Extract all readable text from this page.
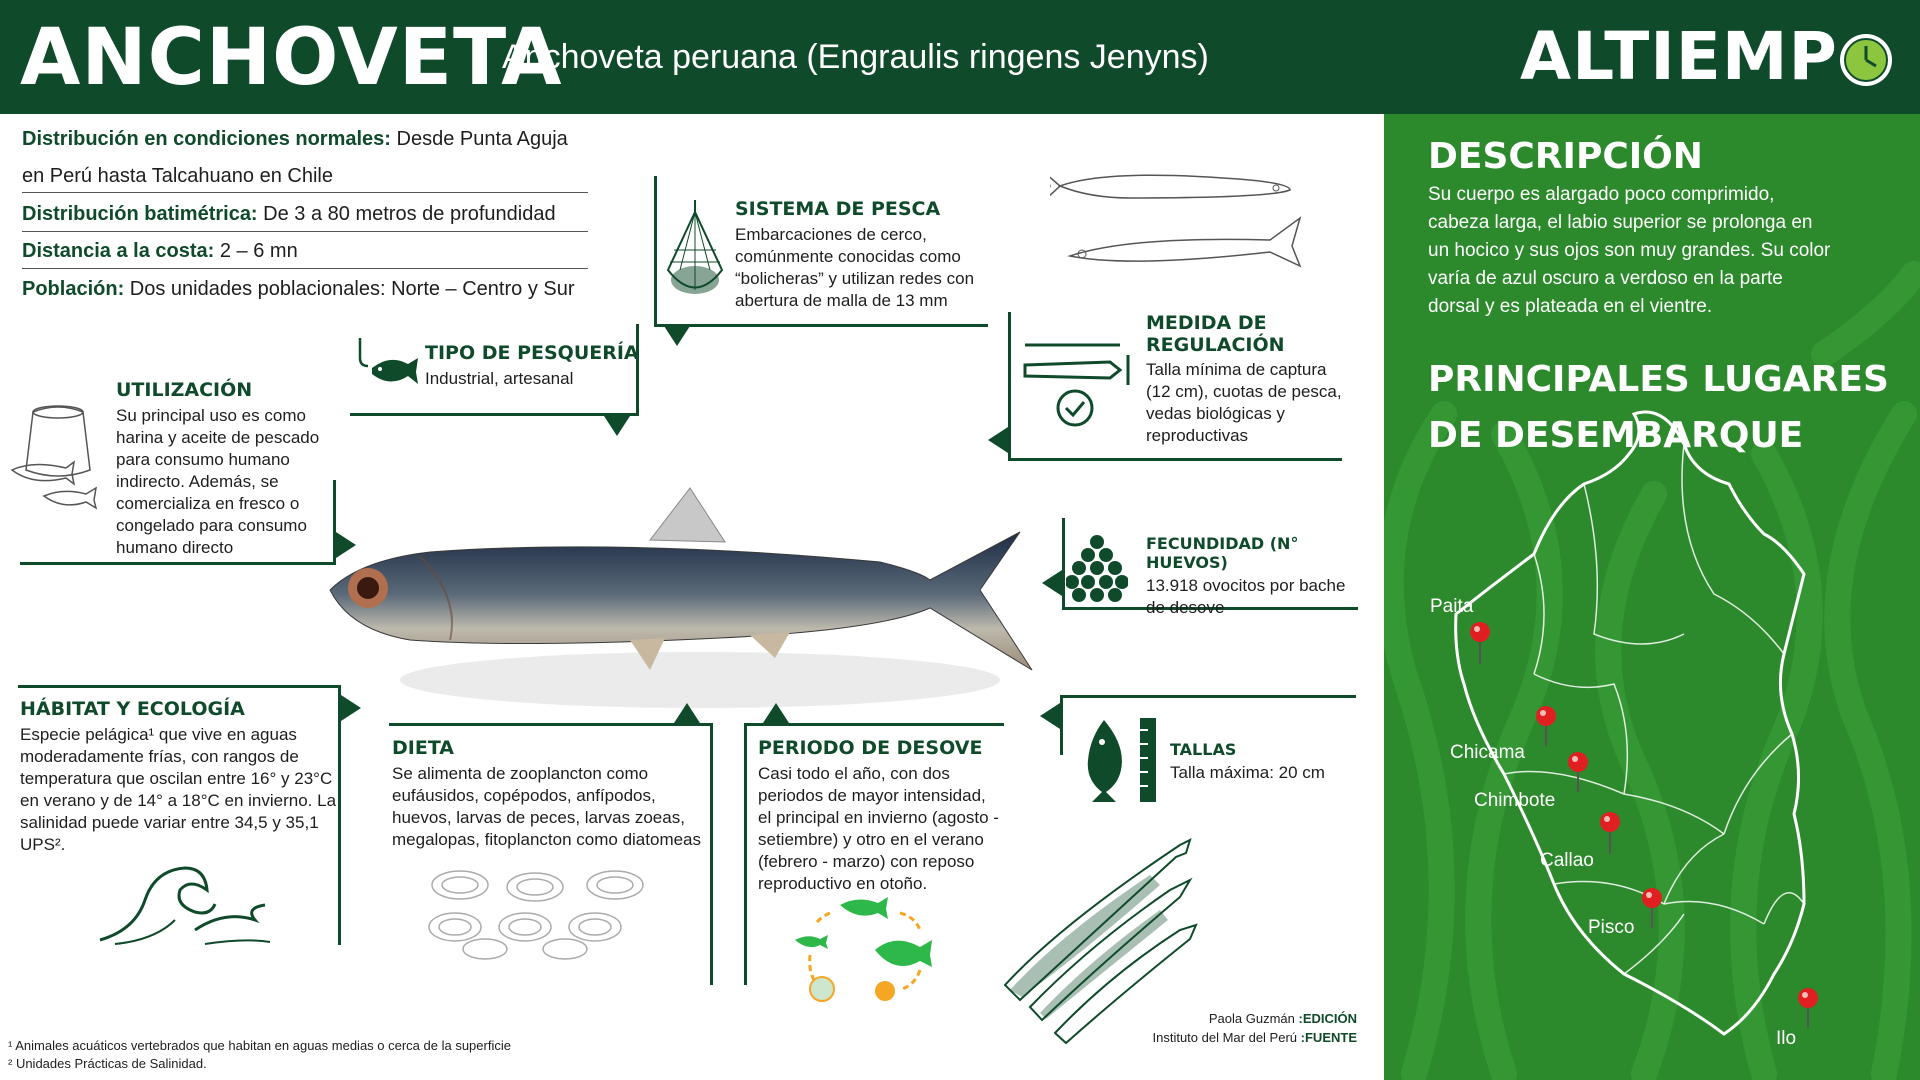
ANCHOVETA
Anchoveta peruana (Engraulis ringens Jenyns)	ALTIEMP
Distribución en condiciones normales: Desde Punta Aguja
en Perú hasta Talcahuano en Chile
Distribución batimétrica: De 3 a 80 metros de profundidad
Distancia a la costa: 2 – 6 mn
Población: Dos unidades poblacionales: Norte – Centro y Sur

SISTEMA DE PESCA

Embarcaciones de cerco,

comúnmente conocidas como

“bolicheras” y utilizan redes con

abertura de malla de 13 mm

MEDIDA DE

REGULACIÓN

Talla mínima de captura

(12 cm), cuotas de pesca,

vedas biológicas y

reproductivas

TIPO DE PESQUERÍA

Industrial, artesanal

UTILIZACIÓN

Su principal uso es como

harina y aceite de pescado

para consumo humano

indirecto. Además, se

comercializa en fresco o

congelado para consumo

humano directo	FECUNDIDAD (N° HUEVOS)

13.918 ovocitos por bache

de desove

HÁBITAT Y ECOLOGÍA

Especie pelágica¹ que vive en aguas

moderadamente frías, con rangos de

temperatura que oscilan entre 16° y 23°C

en verano y de 14° a 18°C en invierno. La

salinidad puede variar entre 34,5 y 35,1

UPS².

DIETA

Se alimenta de zooplancton como

eufáusidos, copépodos, anfípodos,

huevos, larvas de peces, larvas zoeas,

megalopas, fitoplancton como diatomeas

PERIODO DE DESOVE

Casi todo el año, con dos

periodos de mayor intensidad,

el principal en invierno (agosto -

setiembre) y otro en el verano

(febrero - marzo) con reposo

reproductivo en otoño.

TALLAS

Talla máxima: 20 cm

¹ Animales acuáticos vertebrados que habitan en aguas medias o cerca de la superficie
² Unidades Prácticas de Salinidad.
Paola Guzmán :EDICIÓN
Instituto del Mar del Perú :FUENTE

DESCRIPCIÓN

Su cuerpo es alargado poco comprimido,

cabeza larga, el labio superior se prolonga en

un hocico y sus ojos son muy grandes. Su color

varía de azul oscuro a verdoso en la parte

dorsal y es plateada en el vientre.

PRINCIPALES LUGARES

DE DESEMBARQUE

Paita
Chicama
Chimbote
Callao
Pisco
Ilo
